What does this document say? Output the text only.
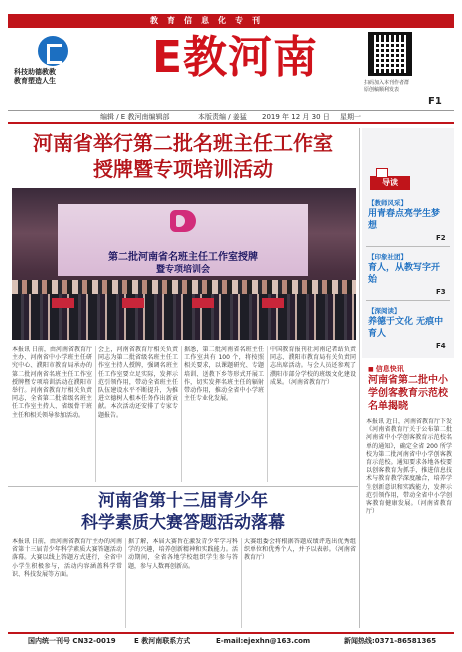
教育信息化专刊
科技助德教教
教育塑造人生	E教河南	扫码加入本刊作者群
原创稿顺利发表
F1
编辑 / E 教河南编辑部	本版责编 / 姜猛 2019 年 12 月 30 日 星期一
河南省举行第二批名班主任工作室
授牌暨专项培训活动
第二批河南省名班主任工作室授牌
暨专项培训会
本报讯 日前，由河南省教育厅主办、河南省中小学班主任研究中心、濮阳市教育局承办的第二批河南省名班主任工作室授牌暨专项培训活动在濮阳市举行。河南省教育厅相关负责同志，全省第二批省级名班主任工作室主持人、省级骨干班主任和相关领导参加活动。
会上，河南省教育厅相关负责同志为第二批省级名班主任工作室主持人授牌，强调名班主任工作室要立足实际，发挥示范引领作用，带动全省班主任队伍建设水平不断提升，为推进立德树人根本任务作出新贡献。本次活动还安排了专家专题报告。
据悉，第二批河南省名班主任工作室共有 100 个，将按照相关要求，以课题研究、专题培训、送教下乡等形式开展工作，切实发挥名班主任的辐射带动作用，推动全省中小学班主任专业化发展。
中国教育报刊社河南记者站负责同志、濮阳市教育局有关负责同志出席活动。与会人员还参观了濮阳市部分学校的班级文化建设成果。（河南省教育厅）
河南省第十三届青少年
科学素质大赛答题活动落幕
本报讯 日前，由河南省教育厅主办的河南省第十三届青少年科学素质大赛答题活动落幕。大赛以线上答题方式进行，全省中小学生积极参与，活动内容涵盖科学常识、科技发展等方面。
据了解，本届大赛旨在激发青少年学习科学的兴趣，培养创新精神和实践能力。活动期间，全省各地学校组织学生参与答题，参与人数再创新高。
大赛组委会将根据答题成绩评选出优秀组织单位和优秀个人，并予以表彰。（河南省教育厅）
导读
【教师风采】
用青春点亮学生梦想
F2
【印象社团】
育人，从教写字开始
F3
【深阅读】
养德于文化 无痕中育人
F4
■ 信息快讯
河南省第二批中小
学创客教育示范校
名单揭晓
本报讯 近日，河南省教育厅下发《河南省教育厅关于公布第二批河南省中小学创客教育示范校名单的通知》，确定全省 200 所学校为第二批河南省中小学创客教育示范校。通知要求各地各校要以创客教育为抓手，推进信息技术与教育教学深度融合，培养学生创新意识和实践能力，发挥示范引领作用，带动全省中小学创客教育健康发展。（河南省教育厅）
国内统一刊号 CN32-0019	E 教河南联系方式	E-mail:ejexhn@163.com	新闻热线:0371-86581365
